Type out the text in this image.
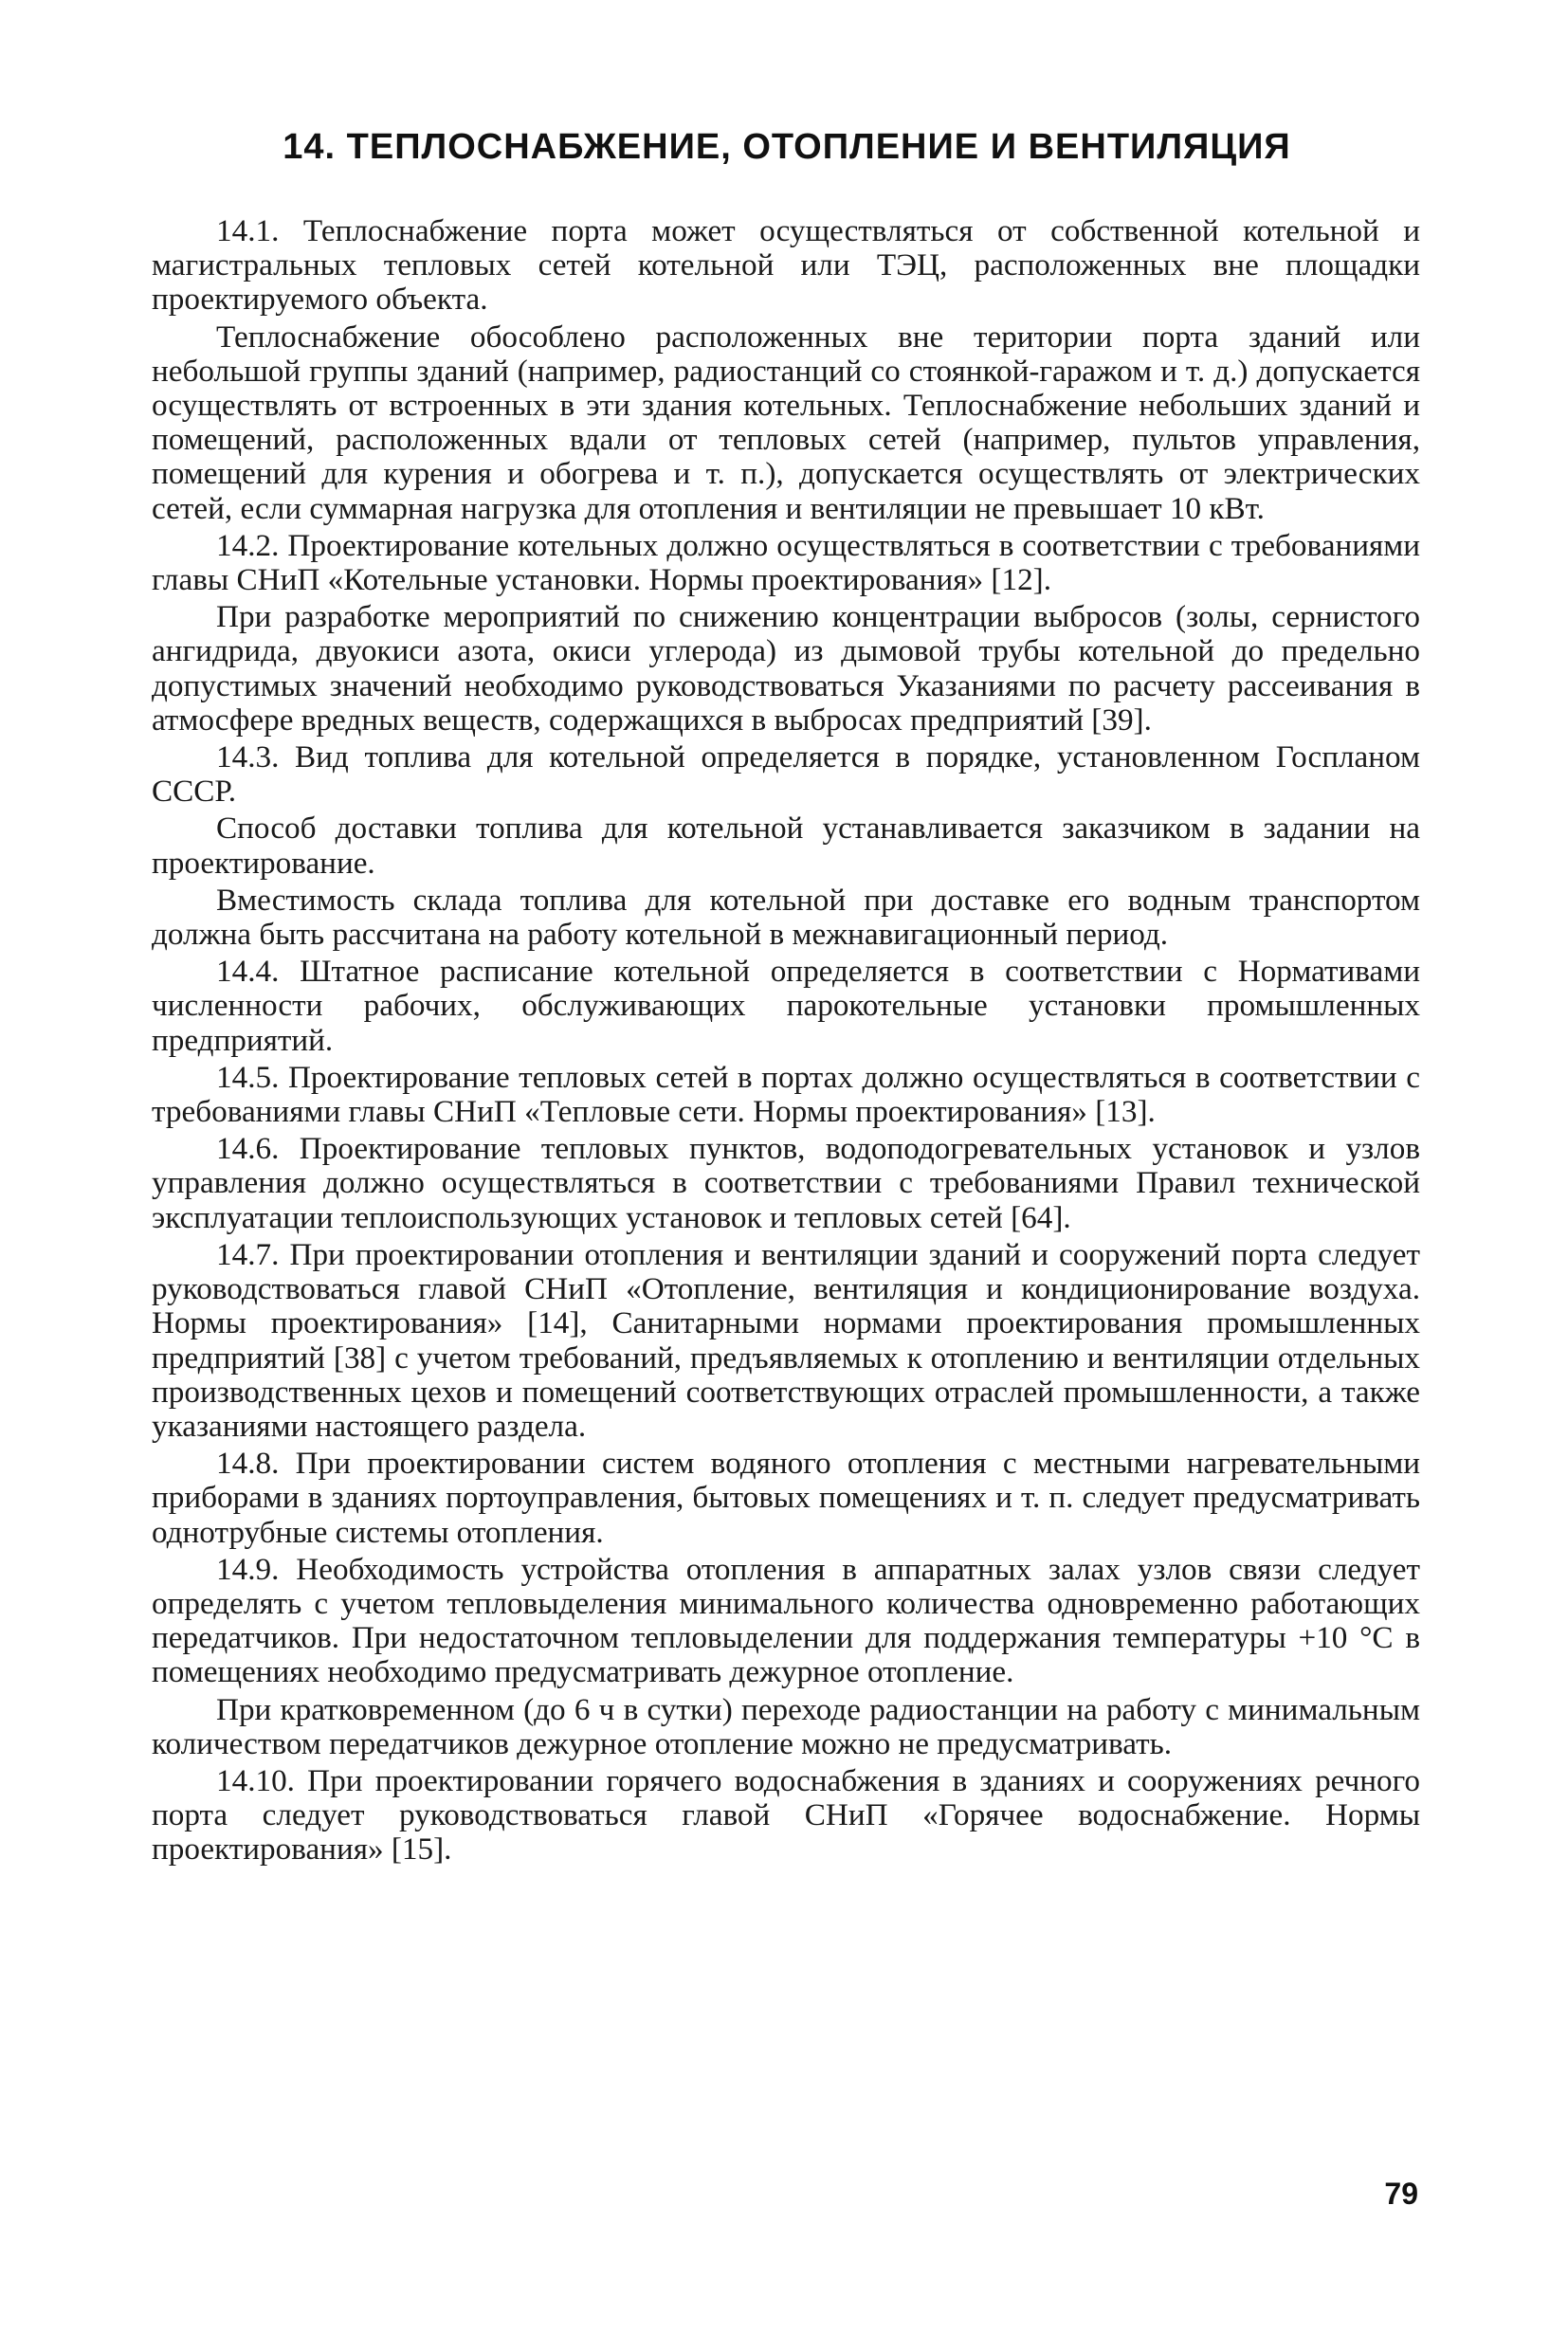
14. ТЕПЛОСНАБЖЕНИЕ, ОТОПЛЕНИЕ И ВЕНТИЛЯЦИЯ

14.1. Теплоснабжение порта может осуществляться от собственной котельной и магистральных тепловых сетей котельной или ТЭЦ, расположенных вне площадки проектируемого объекта.

Теплоснабжение обособлено расположенных вне територии порта зданий или небольшой группы зданий (например, радиостанций со стоянкой-гаражом и т. д.) допускается осуществлять от встроенных в эти здания котельных. Теплоснабжение небольших зданий и помещений, расположенных вдали от тепловых сетей (например, пультов управления, помещений для курения и обогрева и т. п.), допускается осуществлять от электрических сетей, если суммарная нагрузка для отопления и вентиляции не превышает 10 кВт.

14.2. Проектирование котельных должно осуществляться в соответствии с требованиями главы СНиП «Котельные установки. Нормы проектирования» [12].

При разработке мероприятий по снижению концентрации выбросов (золы, сернистого ангидрида, двуокиси азота, окиси углерода) из дымовой трубы котельной до предельно допустимых значений необходимо руководствоваться Указаниями по расчету рассеивания в атмосфере вредных веществ, содержащихся в выбросах предприятий [39].

14.3. Вид топлива для котельной определяется в порядке, установленном Госпланом СССР.

Способ доставки топлива для котельной устанавливается заказчиком в задании на проектирование.

Вместимость склада топлива для котельной при доставке его водным транспортом должна быть рассчитана на работу котельной в межнавигационный период.

14.4. Штатное расписание котельной определяется в соответствии с Нормативами численности рабочих, обслуживающих парокотельные установки промышленных предприятий.

14.5. Проектирование тепловых сетей в портах должно осуществляться в соответствии с требованиями главы СНиП «Тепловые сети. Нормы проектирования» [13].

14.6. Проектирование тепловых пунктов, водоподогревательных установок и узлов управления должно осуществляться в соответствии с требованиями Правил технической эксплуатации теплоиспользующих установок и тепловых сетей [64].

14.7. При проектировании отопления и вентиляции зданий и сооружений порта следует руководствоваться главой СНиП «Отопление, вентиляция и кондиционирование воздуха. Нормы проектирования» [14], Санитарными нормами проектирования промышленных предприятий [38] с учетом требований, предъявляемых к отоплению и вентиляции отдельных производственных цехов и помещений соответствующих отраслей промышленности, а также указаниями настоящего раздела.

14.8. При проектировании систем водяного отопления с местными нагревательными приборами в зданиях портоуправления, бытовых помещениях и т. п. следует предусматривать однотрубные системы отопления.

14.9. Необходимость устройства отопления в аппаратных залах узлов связи следует определять с учетом тепловыделения минимального количества одновременно работающих передатчиков. При недостаточном тепловыделении для поддержания температуры +10 °С в помещениях необходимо предусматривать дежурное отопление.

При кратковременном (до 6 ч в сутки) переходе радиостанции на работу с минимальным количеством передатчиков дежурное отопление можно не предусматривать.

14.10. При проектировании горячего водоснабжения в зданиях и сооружениях речного порта следует руководствоваться главой СНиП «Горячее водоснабжение. Нормы проектирования» [15].

79
